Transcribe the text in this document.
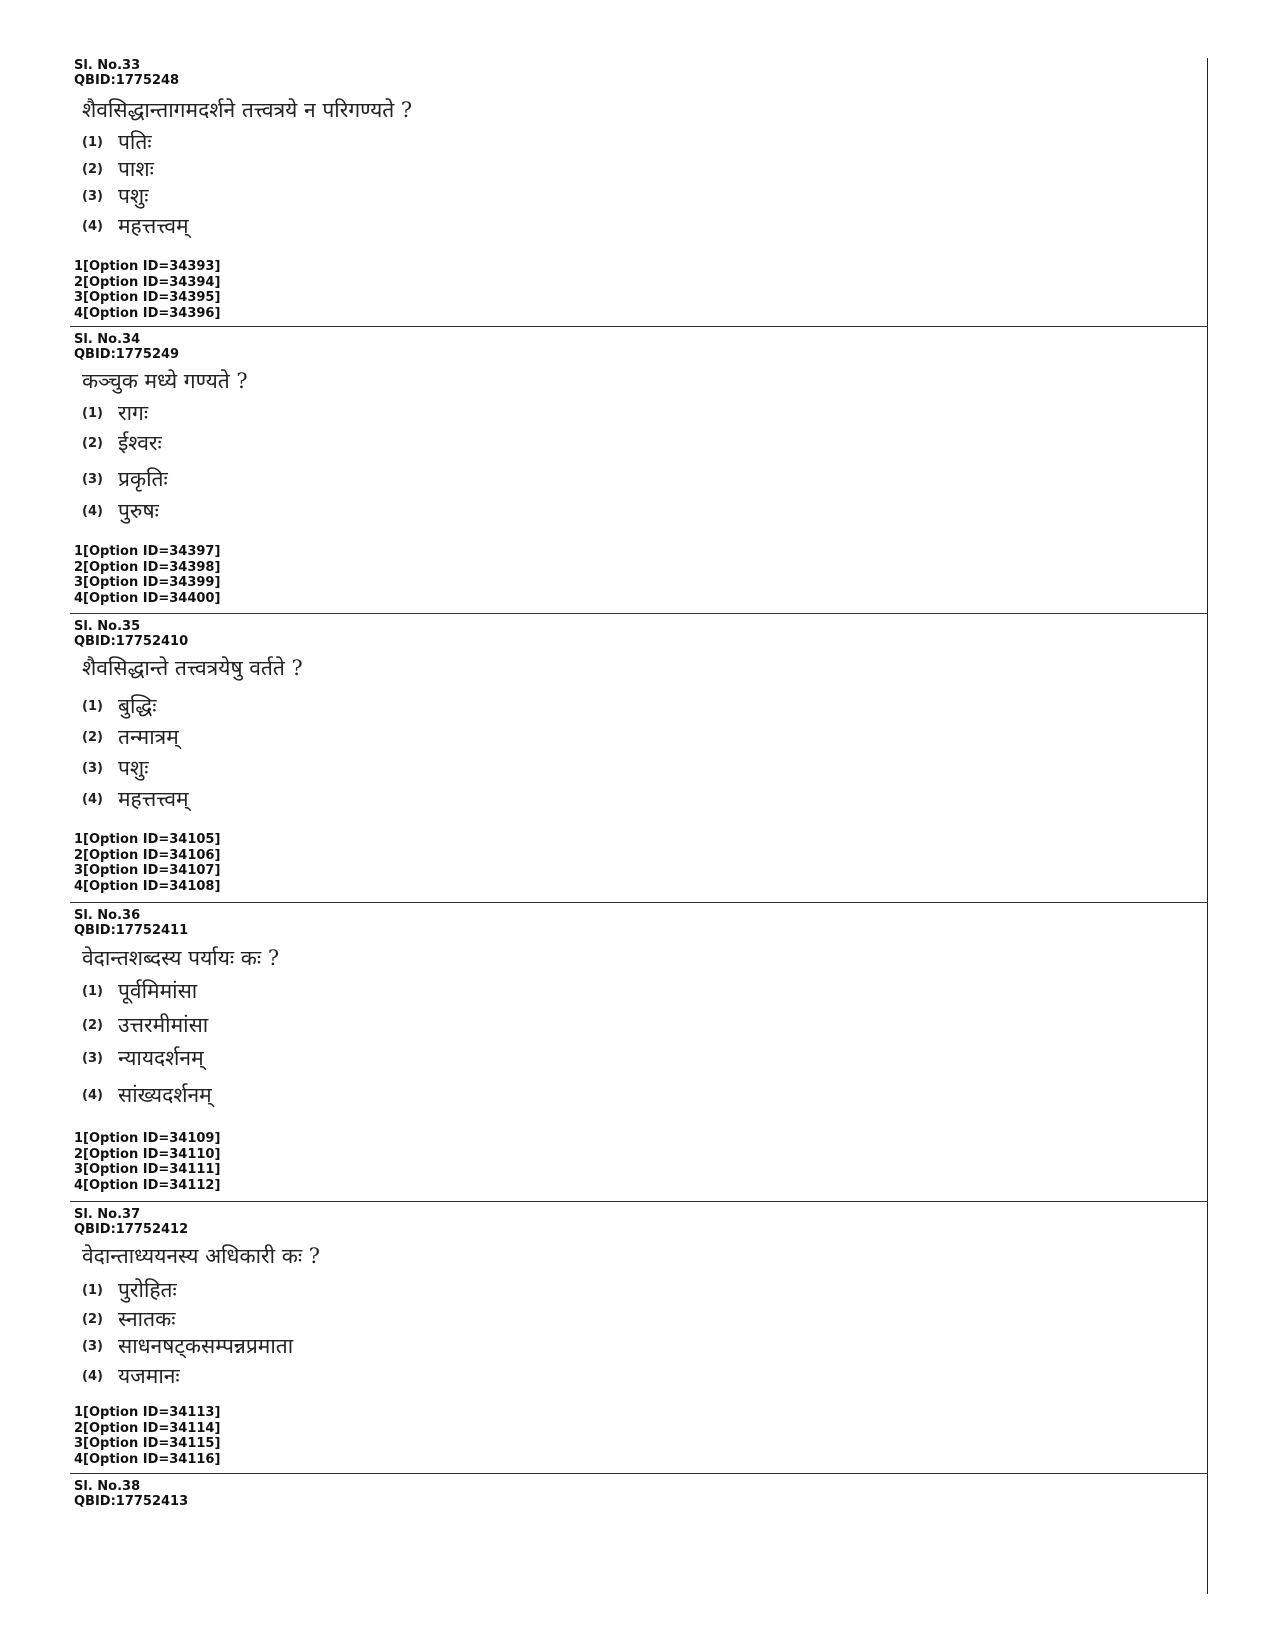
Sl. No.33
QBID:1775248
शैवसिद्धान्तागमदर्शने तत्त्वत्रये न परिगण्यते ?
(1) पतिः
(2) पाशः
(3) पशुः
(4) महत्तत्त्वम्
1[Option ID=34393]
2[Option ID=34394]
3[Option ID=34395]
4[Option ID=34396]
Sl. No.34
QBID:1775249
कञ्चुक मध्ये गण्यते ?
(1) रागः
(2) ईश्वरः
(3) प्रकृतिः
(4) पुरुषः
1[Option ID=34397]
2[Option ID=34398]
3[Option ID=34399]
4[Option ID=34400]
Sl. No.35
QBID:17752410
शैवसिद्धान्ते तत्त्वत्रयेषु वर्तते ?
(1) बुद्धिः
(2) तन्मात्रम्
(3) पशुः
(4) महत्तत्त्वम्
1[Option ID=34105]
2[Option ID=34106]
3[Option ID=34107]
4[Option ID=34108]
Sl. No.36
QBID:17752411
वेदान्तशब्दस्य पर्यायः कः ?
(1) पूर्वमिमांसा
(2) उत्तरमीमांसा
(3) न्यायदर्शनम्
(4) सांख्यदर्शनम्
1[Option ID=34109]
2[Option ID=34110]
3[Option ID=34111]
4[Option ID=34112]
Sl. No.37
QBID:17752412
वेदान्ताध्ययनस्य अधिकारी कः ?
(1) पुरोहितः
(2) स्नातकः
(3) साधनषट्कसम्पन्नप्रमाता
(4) यजमानः
1[Option ID=34113]
2[Option ID=34114]
3[Option ID=34115]
4[Option ID=34116]
Sl. No.38
QBID:17752413
